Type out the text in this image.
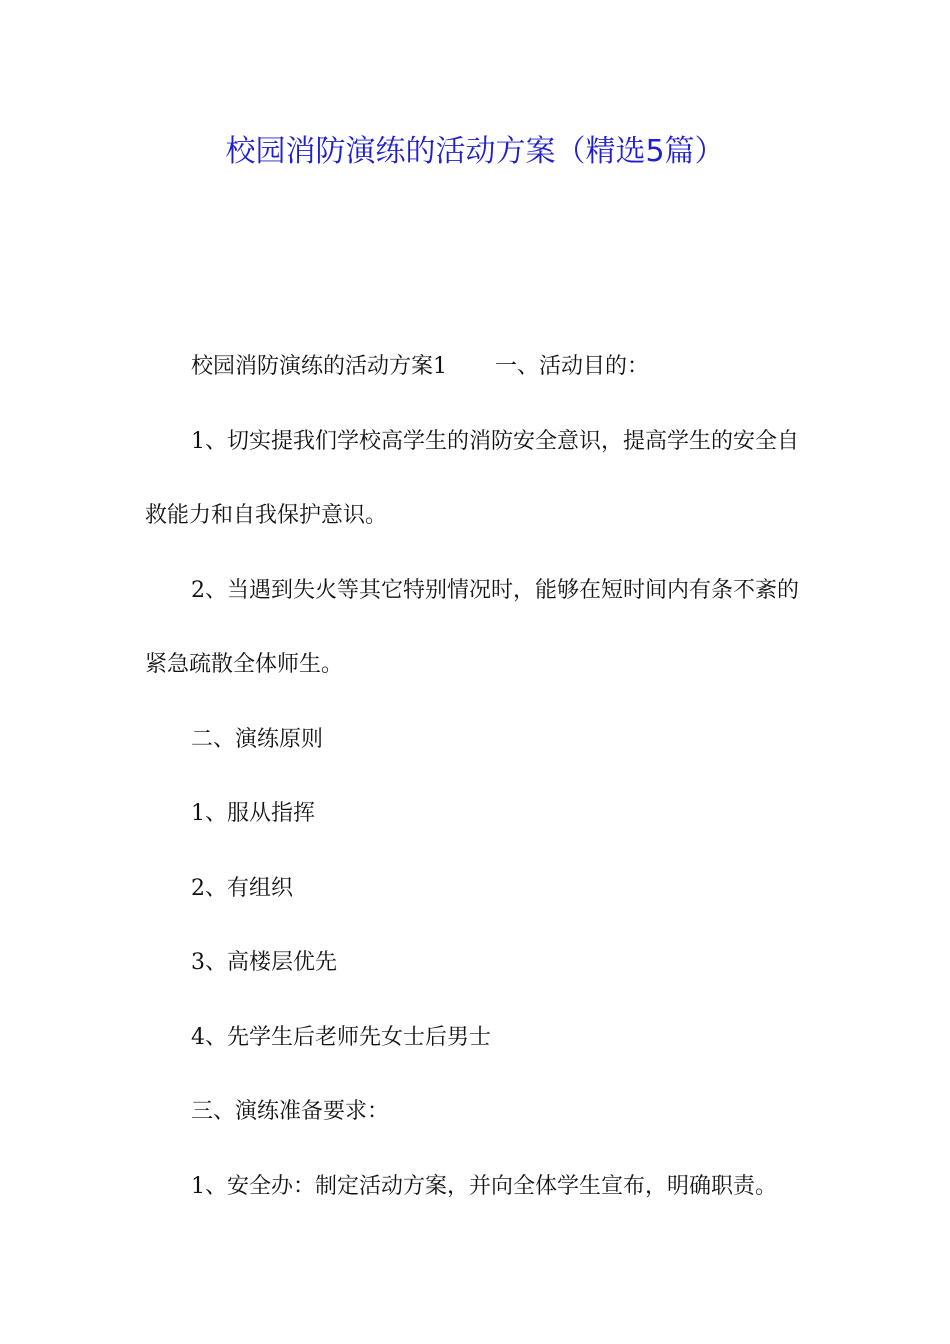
校园消防演练的活动方案（精选5篇）

校园消防演练的活动方案1 一、活动目的：

1、切实提我们学校高学生的消防安全意识，提高学生的安全自救能力和自我保护意识。

2、当遇到失火等其它特别情况时，能够在短时间内有条不紊的紧急疏散全体师生。

二、演练原则

1、服从指挥

2、有组织

3、高楼层优先

4、先学生后老师先女士后男士

三、演练准备要求：

1、安全办：制定活动方案，并向全体学生宣布，明确职责。
